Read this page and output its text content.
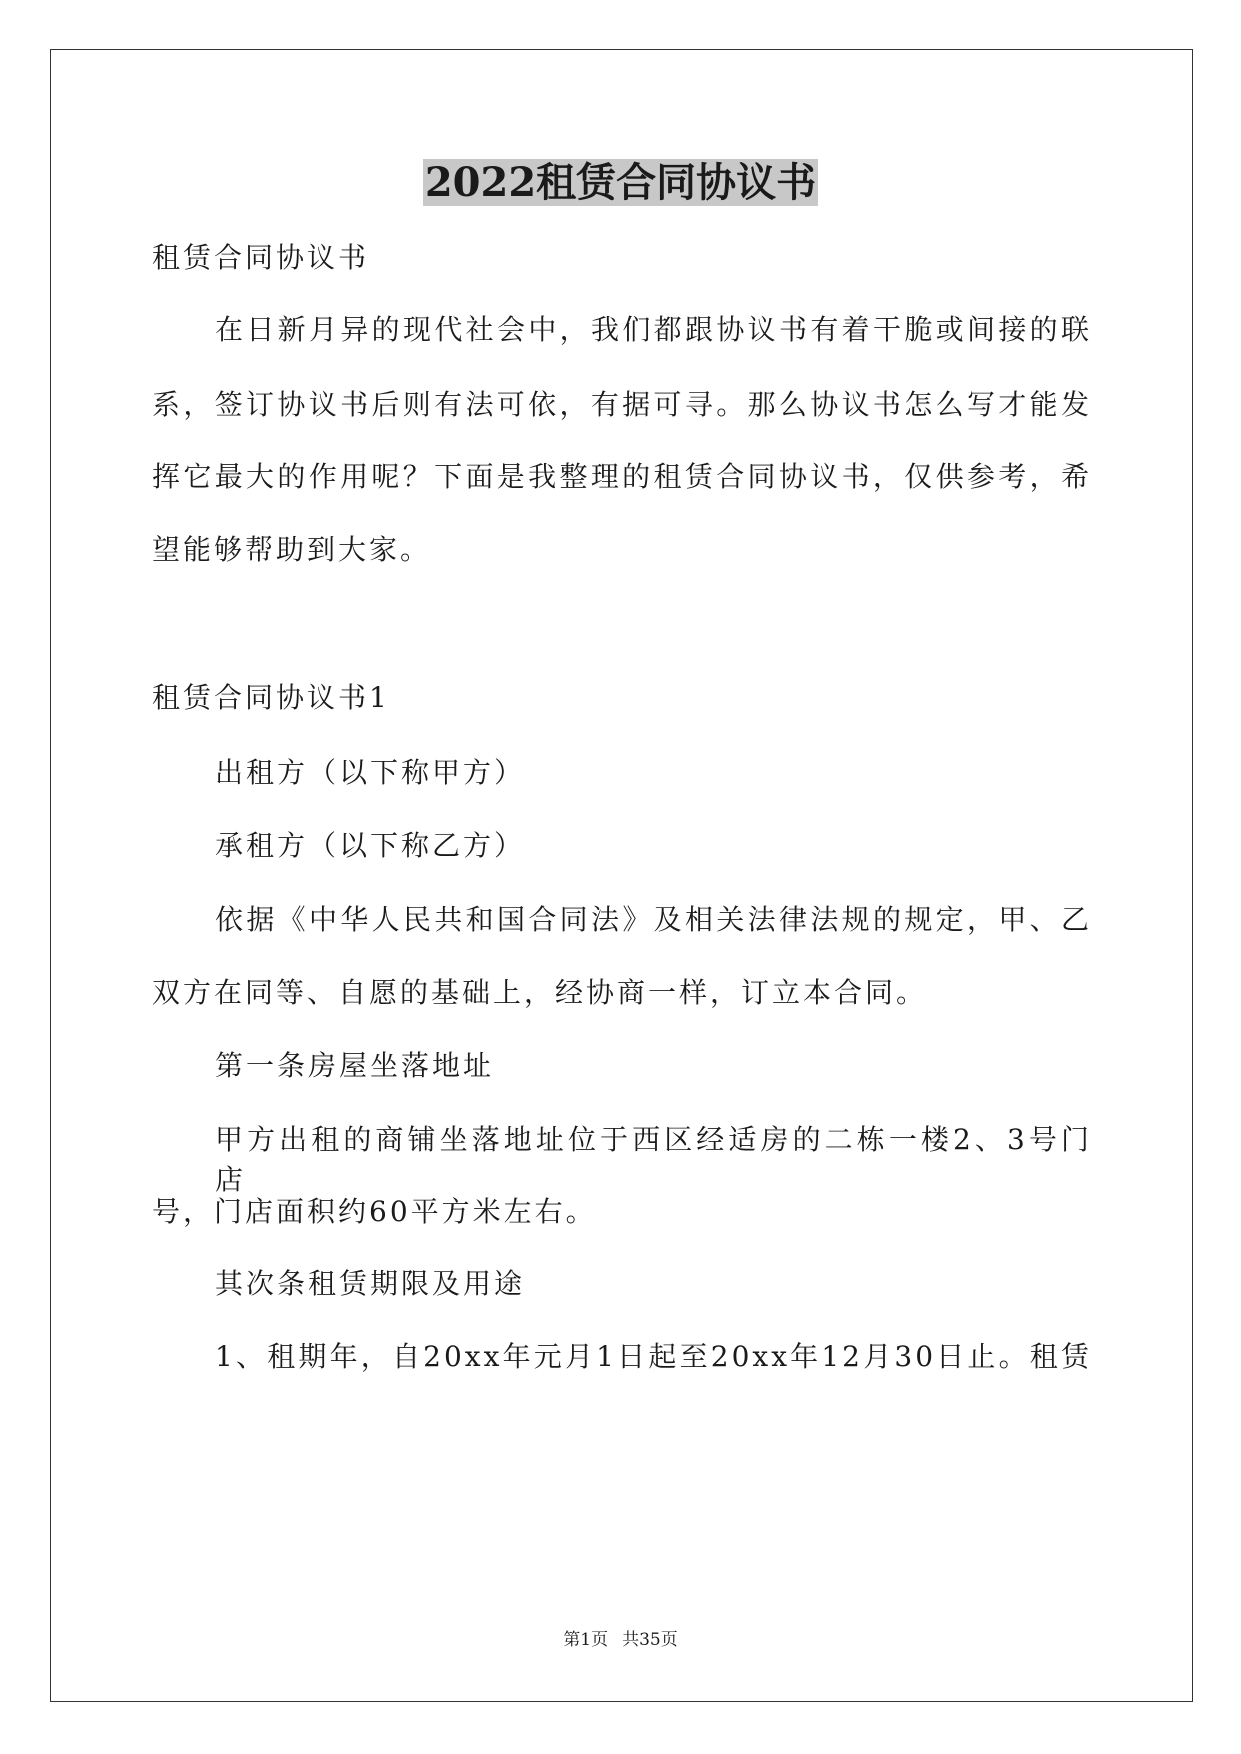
2022租赁合同协议书

租赁合同协议书

在日新月异的现代社会中，我们都跟协议书有着干脆或间接的联

系，签订协议书后则有法可依，有据可寻。那么协议书怎么写才能发

挥它最大的作用呢？下面是我整理的租赁合同协议书，仅供参考，希

望能够帮助到大家。

租赁合同协议书1

出租方（以下称甲方）

承租方（以下称乙方）

依据《中华人民共和国合同法》及相关法律法规的规定，甲、乙

双方在同等、自愿的基础上，经协商一样，订立本合同。

第一条房屋坐落地址

甲方出租的商铺坐落地址位于西区经适房的二栋一楼2、3号门店

号，门店面积约60平方米左右。

其次条租赁期限及用途

1、租期年，自20xx年元月1日起至20xx年12月30日止。租赁

第1页 共35页
